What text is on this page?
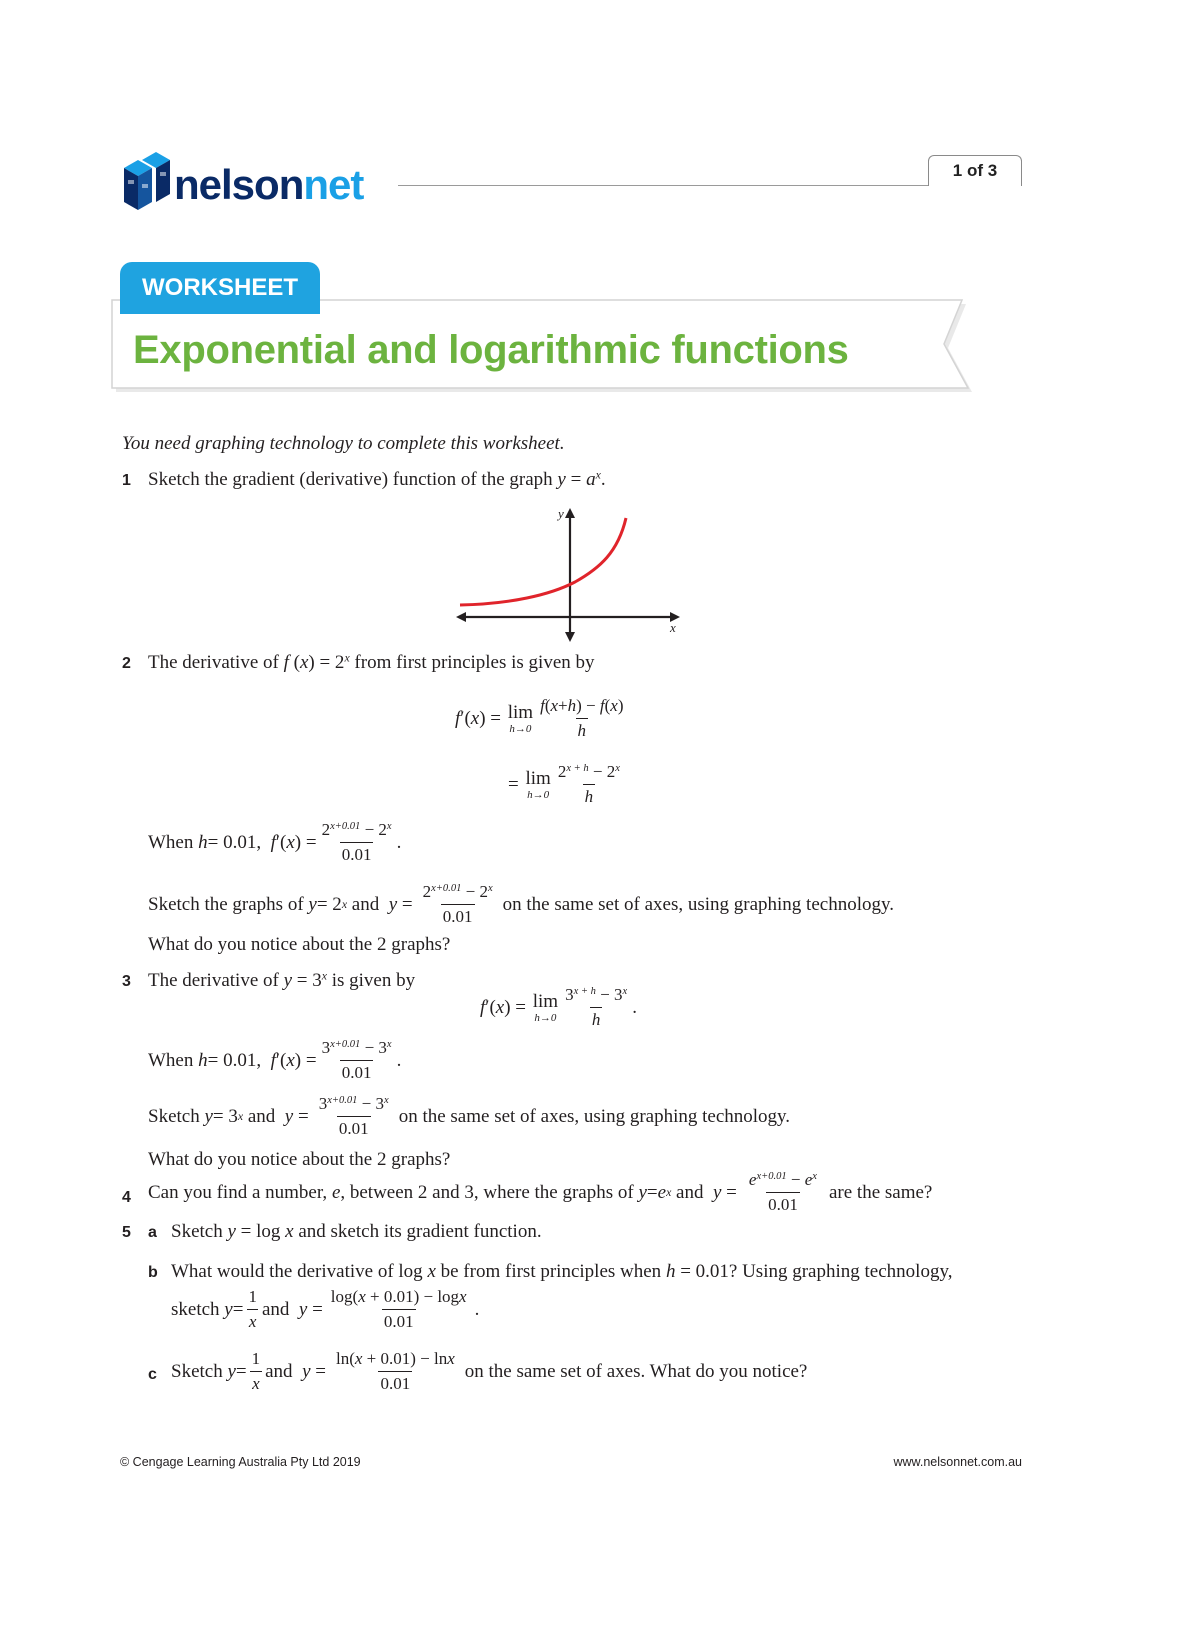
nelsonnet	1 of 3
WORKSHEET
Exponential and logarithmic functions
You need graphing technology to complete this worksheet.
1 Sketch the gradient (derivative) function of the graph $y = a^x$.
y
x
2 The derivative of f $(x) = 2^x$ from first principles is given by
f ′( x ) = lim
$h\to 0 \frac{f(x+h) - f(x)}{h}$
= lim
$h\to 0 \frac{2^{x + h} - 2^x}{h}$
When
h = 0.01, f ′( x ) = $\frac{2^{x+0.01} - 2^x}{0.01}$ .
Sketch the graphs of
y = 2 x and $y = \frac{2^{x+0.01} - 2^x}{0.01}$ on the same set of axes, using graphing technology.
What do you notice about the 2 graphs?
3 The derivative of $y = 3^x$ is given by
f ′( x ) = lim
$h\to 0 \frac{3^{x + h} - 3^x}{h}$ .
When
h = 0.01, f ′( x ) = $\frac{3^{x+0.01} - 3^x}{0.01}$ .
Sketch
y = 3 x and $y = \frac{3^{x+0.01} - 3^x}{0.01}$ on the same set of axes, using graphing technology.
What do you notice about the 2 graphs?
4 Can you find a number,
e , between 2 and 3, where the graphs of
y = e x and $y = \frac{e^{x+0.01} - e^x}{0.01}$ are the same?
5 a Sketch y = log x and sketch its gradient function.
b What would the derivative of log x be from first principles when h = 0.01? Using graphing technology,
sketch
$y = \frac{1}{x}$ and $y = \frac{\log(x + 0.01) - \log x}{0.01}$ .
c Sketch
$y = \frac{1}{x}$ and $y = \frac{\ln(x + 0.01) - \ln x}{0.01}$ on the same set of axes. What do you notice?
© Cengage Learning Australia Pty Ltd 2019	www.nelsonnet.com.au
